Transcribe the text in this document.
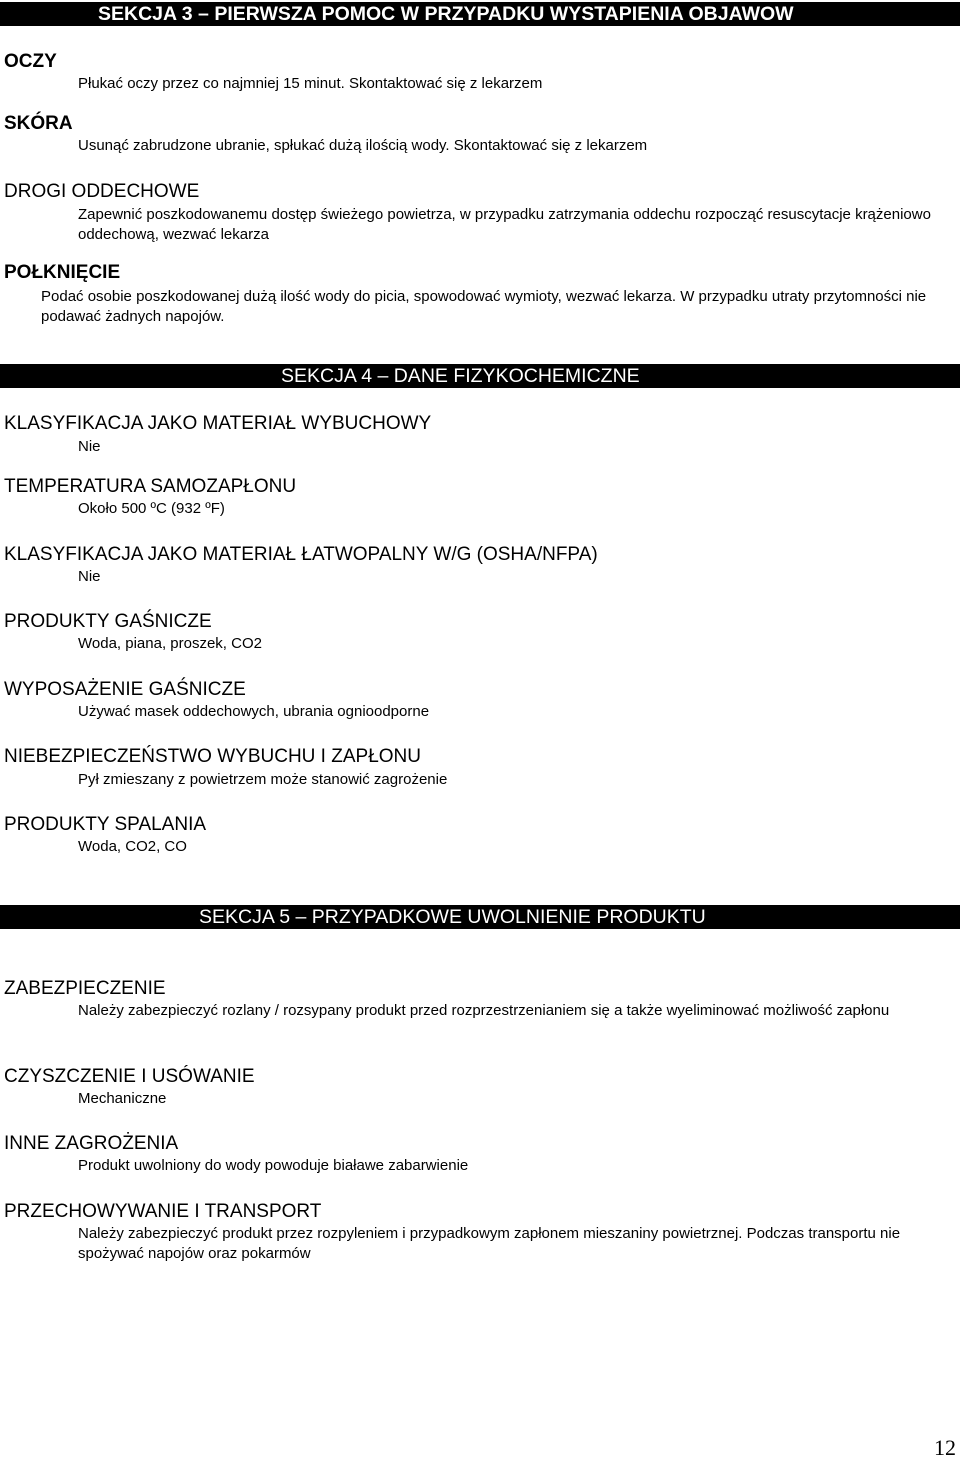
SEKCJA 3 – PIERWSZA POMOC W PRZYPADKU WYSTAPIENIA OBJAWOW
OCZY
Płukać oczy przez co najmniej 15 minut. Skontaktować się z lekarzem
SKÓRA
Usunąć zabrudzone ubranie, spłukać dużą ilością wody. Skontaktować się z lekarzem
DROGI ODDECHOWE
Zapewnić poszkodowanemu dostęp świeżego powietrza, w przypadku zatrzymania oddechu rozpocząć resuscytacje krążeniowo oddechową, wezwać lekarza
POŁKNIĘCIE
Podać osobie poszkodowanej dużą ilość wody do picia, spowodować wymioty, wezwać lekarza. W przypadku utraty przytomności nie podawać żadnych napojów.
SEKCJA 4 – DANE FIZYKOCHEMICZNE
KLASYFIKACJA JAKO MATERIAŁ WYBUCHOWY
Nie
TEMPERATURA SAMOZAPŁONU
Około 500 ºC (932 ºF)
KLASYFIKACJA JAKO MATERIAŁ ŁATWOPALNY W/G (OSHA/NFPA)
Nie
PRODUKTY GAŚNICZE
Woda, piana, proszek, CO2
WYPOSAŻENIE GAŚNICZE
Używać masek oddechowych, ubrania ognioodporne
NIEBEZPIECZEŃSTWO WYBUCHU I ZAPŁONU
Pył zmieszany z powietrzem może stanowić zagrożenie
PRODUKTY SPALANIA
Woda, CO2, CO
SEKCJA 5 – PRZYPADKOWE UWOLNIENIE PRODUKTU
ZABEZPIECZENIE
Należy zabezpieczyć rozlany / rozsypany produkt przed rozprzestrzenianiem się a także wyeliminować możliwość zapłonu
CZYSZCZENIE I USÓWANIE
Mechaniczne
INNE ZAGROŻENIA
Produkt uwolniony do wody powoduje białawe zabarwienie
PRZECHOWYWANIE I TRANSPORT
Należy zabezpieczyć produkt przez rozpyleniem i przypadkowym zapłonem mieszaniny powietrznej. Podczas transportu nie spożywać napojów oraz pokarmów
12
